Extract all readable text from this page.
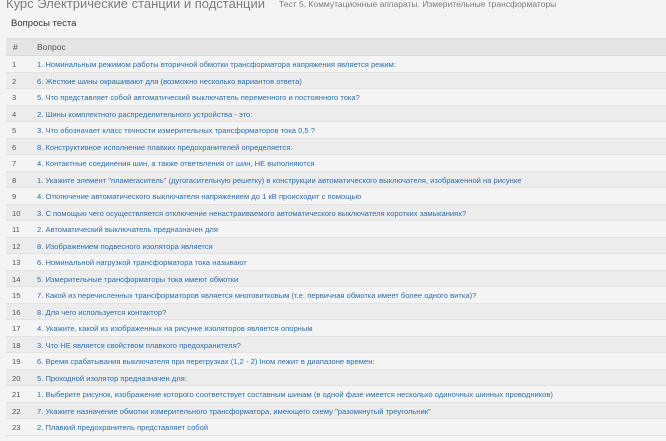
Курс Электрические станции и подстанции Тест 5. Коммутационные аппараты. Измерительные трансформаторы
Вопросы теста
# Вопрос
1	1. Номинальным режимом работы вторичной обмотки трансформатора напряжения является режим:
2	6. Жесткие шины окрашивают для (возможно несколько вариантов ответа)
3	5. Что представляет собой автоматический выключатель переменного и постоянного тока?
4	2. Шины комплектного распределительного устройства - это:
5	3. Что обозначает класс точности измерительных трансформаторов тока 0,5 ?
6	8. Конструктивное исполнение плавких предохранителей определяется:
7	4. Контактные соединения шин, а также ответвления от шин, НЕ выполняются
8	1. Укажите элемент "пламегаситель" (дугогасительную решетку) в конструкции автоматического выключателя, изображенной на рисунке
9	4. Отключение автоматического выключателя напряжением до 1 кВ происходит с помощью
10 3. С помощью чего осуществляется отключение ненастраиваемого автоматического выключателя коротких замыканиях?
11 2. Автоматический выключатель предназначен для
12 8. Изображением подвесного изолятора является
13 6. Номинальной нагрузкой трансформатора тока называют
14 5. Измерительные трансформаторы тока имеют обмотки
15 7. Какой из перечисленных трансформаторов является многовитковым (т.е. первичная обмотка имеет более одного витка)?
16 8. Для чего используется контактор?
17 4. Укажите, какой из изображенных на рисунке изоляторов является опорным
18 3. Что НЕ является свойством плавкого предохранителя?
19 6. Время срабатывания выключателя при перегрузках (1,2 - 2) Iном лежит в диапазоне времен:
20 5. Проходной изолятор предназначен для:
21 1. Выберите рисунок, изображение которого соответствует составным шинам (в одной фазе имеется несколько одиночных шинных проводников)
22 7. Укажите назначение обмотки измерительного трансформатора, имеющего схему "разомкнутый треугольник"
23 2. Плавкий предохранитель представляет собой
